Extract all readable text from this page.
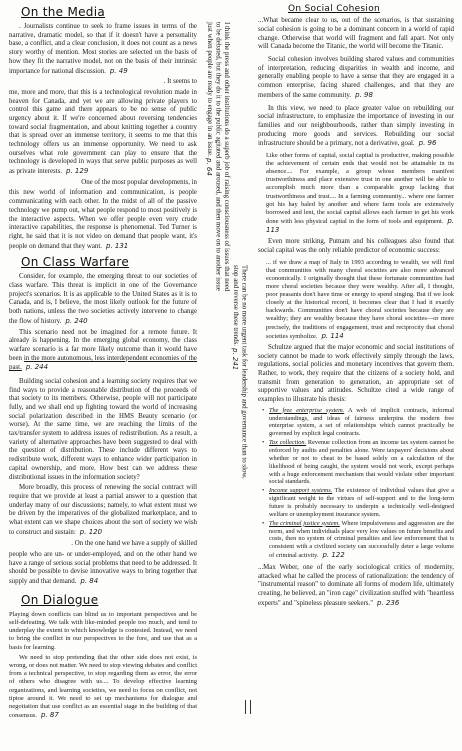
On the Media

. Journalists continue to seek to frame issues in terms of the narrative, dramatic model, so that if it doesn't have a personality base, a conflict, and a clear conclusion, it does not count as a news story worthy of mention. Most stories are selected on the basis of how they fit the narrative model, not on the basis of their intrinsic importance for national discussion. p. 49

. It seems to

me, more and more, that this is a technological revolution made in heaven for Canada, and yet we are allowing private players to control this game and there appears to be no sense of public urgency about it. If we're concerned about reversing tendencies toward social fragmentation, and about knitting together a country that is spread over an immense territory, it seems to me that this technology offers us an immense opportunity. We need to ask ourselves what role government can play to ensure that the technology is developed in ways that serve public purposes as well as private interests. p. 129

One of the most popular developments, in

this new world of information and communication, is people communicating with each other. In the midst of all of the passive technology we pump out, what people respond to most positively is the interactive aspects. When we offer people even very crude interactive capabilities, the response is phenomenal. Ted Turner is right, he said that it is not video on demand that people want, it's people on demand that they want. p. 131

On Class Warfare

Consider, for example, the emerging threat to our societies of class warfare. This threat is implicit in one of the Governance project's scenarios. It is as applicable to the United States as it is to Canada, and is, I believe, the most likely outlook for the future of both nations, unless the two societies actively intervene to change the flow of history. p. 240

This scenario need not be imagined for a remote future. It already is happening. In the emerging global economy, the class warfare scenario is a far more likely outcome than it would have been in the more autonomous, less interdependent economies of the past. p. 244

Building social cohesion and a learning society requires that we find ways to provide a reasonable distribution of the proceeds of that society to its members. Otherwise, people will not participate fully, and we shall end up fighting toward the world of increasing social polarization described in the HMS Beauty scenario (or worse). At the same time, we are reaching the limits of the tax/transfer system to address issues of redistribution. As a result, a variety of alternative approaches have been suggested to deal with the question of distribution. These include different ways to redistribute work, different ways to enhance wider participation in capital ownership, and more. How best can we address these distributional issues in the information society?

More broadly, this process of renewing the social contract will require that we provide at least a partial answer to a question that underlay many of our discussions; namely, to what extent must we be driven by the imperatives of the globalized marketplace, and to what extent can we shape choices about the sort of society we wish to construct and sustain: p. 120

. On the one hand we have a supply of skilled

people who are un- or under-employed, and on the other hand we have a range of serious social problems that need to be addressed. It should be possible to devise innovative ways to bring together that supply and that demand. p. 84

On Dialogue

Playing down conflicts can blind us to important perspectives and be self-defeating. We talk with like-minded people too much, and tend to underplay the extent to which knowledge is contested. Instead, we need to bring the conflict in our perspectives to the fore, and use that as a basis for learning.

We need to stop pretending that the other side does not exist, is wrong, or does not matter. We need to stop viewing debates and conflict from a technical perspective, to stop regarding them as error, the error of others who disagree with us.... To develop effective learning organizations, and learning societies, we need to focus on conflict, not tiptoe around it. We need to set up mechanisms for dialogue and negotiation that use conflict as an essential stage in the building of that consensus. p. 87

I think the press and other institutions do a superb job of raising consciousness of issues that need to be debated, but they do it to the public agitated and aroused, and then move on to another issue just when people are ready to engage in an issue. p. 64
There can be no more urgent task for leadership and governance than to slow, stop and reverse these trends. p. 241
On Social Cohesion

...What became clear to us, out of the scenarios, is that sustaining social cohesion is going to be a dominant concern in a world of rapid change. Otherwise that world will fragment and fall apart. Not only will Canada become the Titanic, the world will become the Titanic.

Social cohesion involves building shared values and communities of interpretation, reducing disparities in wealth and income, and generally enabling people to have a sense that they are engaged in a common enterprise, facing shared challenges, and that they are members of the same community. p. 98

In this view, we need to place greater value on rebuilding our social infrastructure, to emphasize the importance of investing in our families and our neighbourhoods, rather than simply investing in producing more goods and services. Rebuilding our social infrastructure should be a primary, not a derivative, goal. p. 96

Like other forms of capital, social capital is productive, making possible the achievement of certain ends that would not be attainable in its absence.... For example, a group whose members manifest trustworthiness and place extensive trust in one another will be able to accomplish much more than a comparable group lacking that trustworthiness and trust.... In a farming community... where one farmer got his hay baled by another and where farm tools are extensively borrowed and lent, the social capital allows each farmer to get his work done with less physical capital in the form of tools and equipment. p. 113

Even more striking, Putnam and his colleagues also found that social capital was the only reliable predictor of economic success:

... if we draw a map of Italy in 1993 according to wealth, we will find that communities with many choral societies are also more advanced economically. I originally thought that these fortunate communities had more choral societies because they were wealthy. After all, I thought, poor peasants don't have time or energy to spend singing. But if we look closely at the historical record, it becomes clear that I had it exactly backwards. Communities don't have choral societies because they are wealthy; they are wealthy because they have choral societies—or more precisely, the traditions of engagement, trust and reciprocity that choral societies symbolize. p. 114

Schultze argued that the major economic and social institutions of society cannot be made to work effectively simply through the laws, regulations, social policies and monetary incentives that govern them. Rather, to work, they require that the citizens of a society hold, and transmit from generation to generation, an appropriate set of supportive values and attitudes. Schultze cited a wide range of examples to illustrate his thesis:

• The free enterprise system. A web of implicit contracts, informal understandings, and ideas of fairness underpins the modern free enterprise system, a set of relationships which cannot practically be governed by explicit legal contracts.
• Tax collection. Revenue collection from an income tax system cannot be enforced by audits and penalties alone. Were taxpayers' decisions about whether or not to cheat to be based solely on a calculation of the likelihood of being caught, the system would not work, except perhaps with a huge enforcement mechanism that would violate other important social standards.
• Income support systems. The existence of individual values that give a significant weight to the virtues of self-support and to the long-term future is probably necessary to underpin a technically well-designed welfare or unemployment insurance system.
• The criminal justice system. Where impulsiveness and aggression are the norm, and when individuals place very low values on future benefits and costs, then no system of criminal penalties and law enforcement that is consistent with a civilized society can successfully deter a large volume of criminal activity. p. 122

...Max Weber, one of the early sociological critics of modernity, attacked what he called the process of rationalization: the tendency of "instrumental reason" to dominate all forms of modern life, ultimately creating, he believed, an "iron cage" civilization stuffed with "heartless experts" and "spineless pleasure seekers." p. 236
